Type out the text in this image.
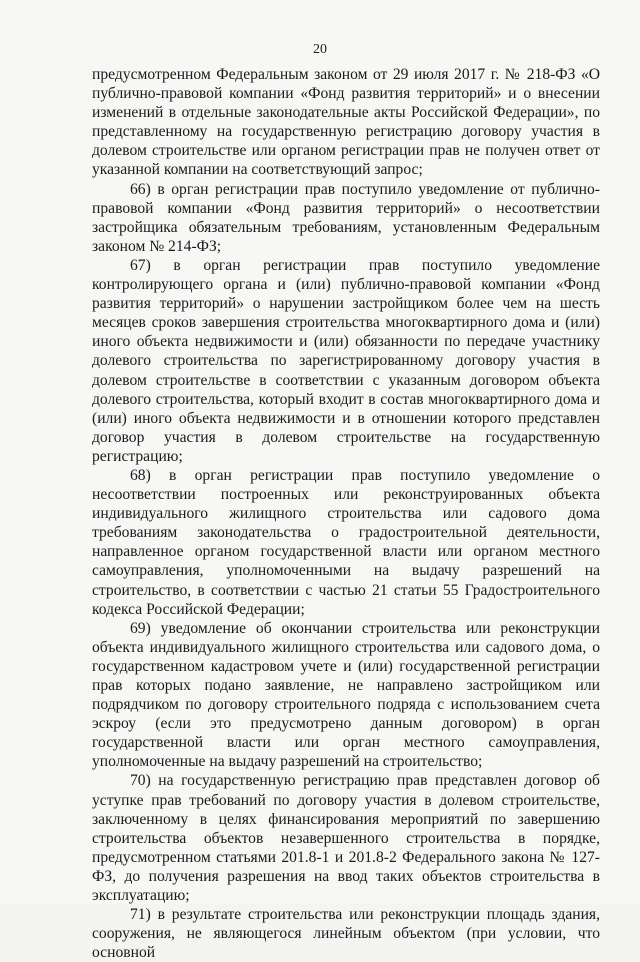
20

предусмотренном Федеральным законом от 29 июля 2017 г. № 218-ФЗ «О публично-правовой компании «Фонд развития территорий» и о внесении изменений в отдельные законодательные акты Российской Федерации», по представленному на государственную регистрацию договору участия в долевом строительстве или органом регистрации прав не получен ответ от указанной компании на соответствующий запрос;

66) в орган регистрации прав поступило уведомление от публично-правовой компании «Фонд развития территорий» о несоответствии застройщика обязательным требованиям, установленным Федеральным законом № 214-ФЗ;

67) в орган регистрации прав поступило уведомление контролирующего органа и (или) публично-правовой компании «Фонд развития территорий» о нарушении застройщиком более чем на шесть месяцев сроков завершения строительства многоквартирного дома и (или) иного объекта недвижимости и (или) обязанности по передаче участнику долевого строительства по зарегистрированному договору участия в долевом строительстве в соответствии с указанным договором объекта долевого строительства, который входит в состав многоквартирного дома и (или) иного объекта недвижимости и в отношении которого представлен договор участия в долевом строительстве на государственную регистрацию;

68) в орган регистрации прав поступило уведомление о несоответствии построенных или реконструированных объекта индивидуального жилищного строительства или садового дома требованиям законодательства о градостроительной деятельности, направленное органом государственной власти или органом местного самоуправления, уполномоченными на выдачу разрешений на строительство, в соответствии с частью 21 статьи 55 Градостроительного кодекса Российской Федерации;

69) уведомление об окончании строительства или реконструкции объекта индивидуального жилищного строительства или садового дома, о государственном кадастровом учете и (или) государственной регистрации прав которых подано заявление, не направлено застройщиком или подрядчиком по договору строительного подряда с использованием счета эскроу (если это предусмотрено данным договором) в орган государственной власти или орган местного самоуправления, уполномоченные на выдачу разрешений на строительство;

70) на государственную регистрацию прав представлен договор об уступке прав требований по договору участия в долевом строительстве, заключенному в целях финансирования мероприятий по завершению строительства объектов незавершенного строительства в порядке, предусмотренном статьями 201.8-1 и 201.8-2 Федерального закона № 127-ФЗ, до получения разрешения на ввод таких объектов строительства в эксплуатацию;

71) в результате строительства или реконструкции площадь здания, сооружения, не являющегося линейным объектом (при условии, что основной
